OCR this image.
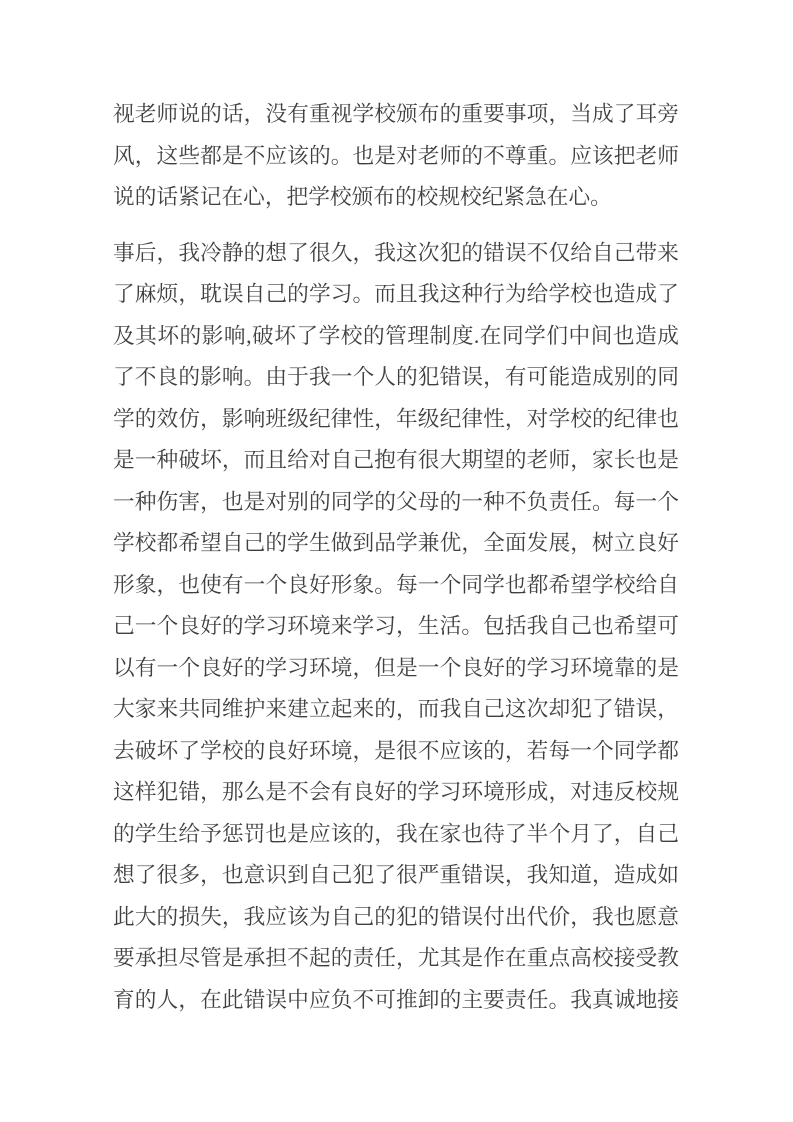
视老师说的话，没有重视学校颁布的重要事项，当成了耳旁
风，这些都是不应该的。也是对老师的不尊重。应该把老师
说的话紧记在心，把学校颁布的校规校纪紧急在心。
事后，我冷静的想了很久，我这次犯的错误不仅给自己带来
了麻烦，耽误自己的学习。而且我这种行为给学校也造成了
及其坏的影响,破坏了学校的管理制度.在同学们中间也造成
了不良的影响。由于我一个人的犯错误，有可能造成别的同
学的效仿，影响班级纪律性，年级纪律性，对学校的纪律也
是一种破坏，而且给对自己抱有很大期望的老师，家长也是
一种伤害，也是对别的同学的父母的一种不负责任。每一个
学校都希望自己的学生做到品学兼优，全面发展，树立良好
形象，也使有一个良好形象。每一个同学也都希望学校给自
己一个良好的学习环境来学习，生活。包括我自己也希望可
以有一个良好的学习环境，但是一个良好的学习环境靠的是
大家来共同维护来建立起来的，而我自己这次却犯了错误，
去破坏了学校的良好环境，是很不应该的，若每一个同学都
这样犯错，那么是不会有良好的学习环境形成，对违反校规
的学生给予惩罚也是应该的，我在家也待了半个月了，自己
想了很多，也意识到自己犯了很严重错误，我知道，造成如
此大的损失，我应该为自己的犯的错误付出代价，我也愿意
要承担尽管是承担不起的责任，尤其是作在重点高校接受教
育的人，在此错误中应负不可推卸的主要责任。我真诚地接
